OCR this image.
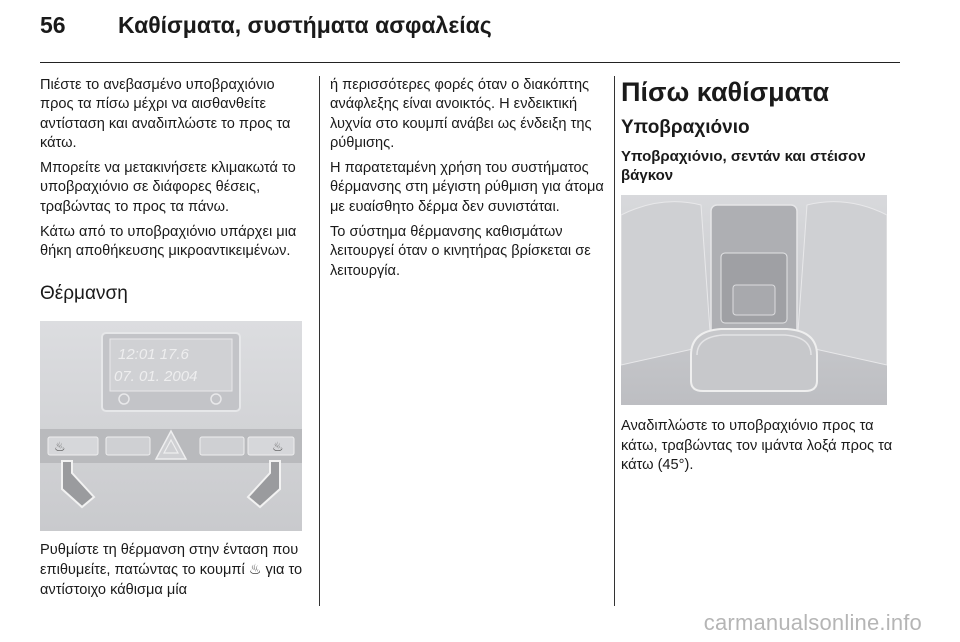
56 Καθίσματα, συστήματα ασφαλείας

Πιέστε το ανεβασμένο υποβραχιόνιο προς τα πίσω μέχρι να αισθανθείτε αντίσταση και αναδιπλώστε το προς τα κάτω.

Μπορείτε να μετακινήσετε κλιμακωτά το υποβραχιόνιο σε διάφορες θέσεις, τραβώντας το προς τα πάνω.

Κάτω από το υποβραχιόνιο υπάρχει μια θήκη αποθήκευσης μικροαντικειμένων.

Θέρμανση
12:01 17.6
07. 01. 2004
♨	♨

Ρυθμίστε τη θέρμανση στην ένταση που επιθυμείτε, πατώντας το κουμπί ♨ για το αντίστοιχο κάθισμα μία

ή περισσότερες φορές όταν ο διακόπτης ανάφλεξης είναι ανοικτός. Η ενδεικτική λυχνία στο κουμπί ανάβει ως ένδειξη της ρύθμισης.

Η παρατεταμένη χρήση του συστήματος θέρμανσης στη μέγιστη ρύθμιση για άτομα με ευαίσθητο δέρμα δεν συνιστάται.

Το σύστημα θέρμανσης καθισμάτων λειτουργεί όταν ο κινητήρας βρίσκεται σε λειτουργία.

Πίσω καθίσματα
Υποβραχιόνιο
Υποβραχιόνιο, σεντάν και στέισον βάγκον

Αναδιπλώστε το υποβραχιόνιο προς τα κάτω, τραβώντας τον ιμάντα λοξά προς τα κάτω (45°).

carmanualsonline.info
